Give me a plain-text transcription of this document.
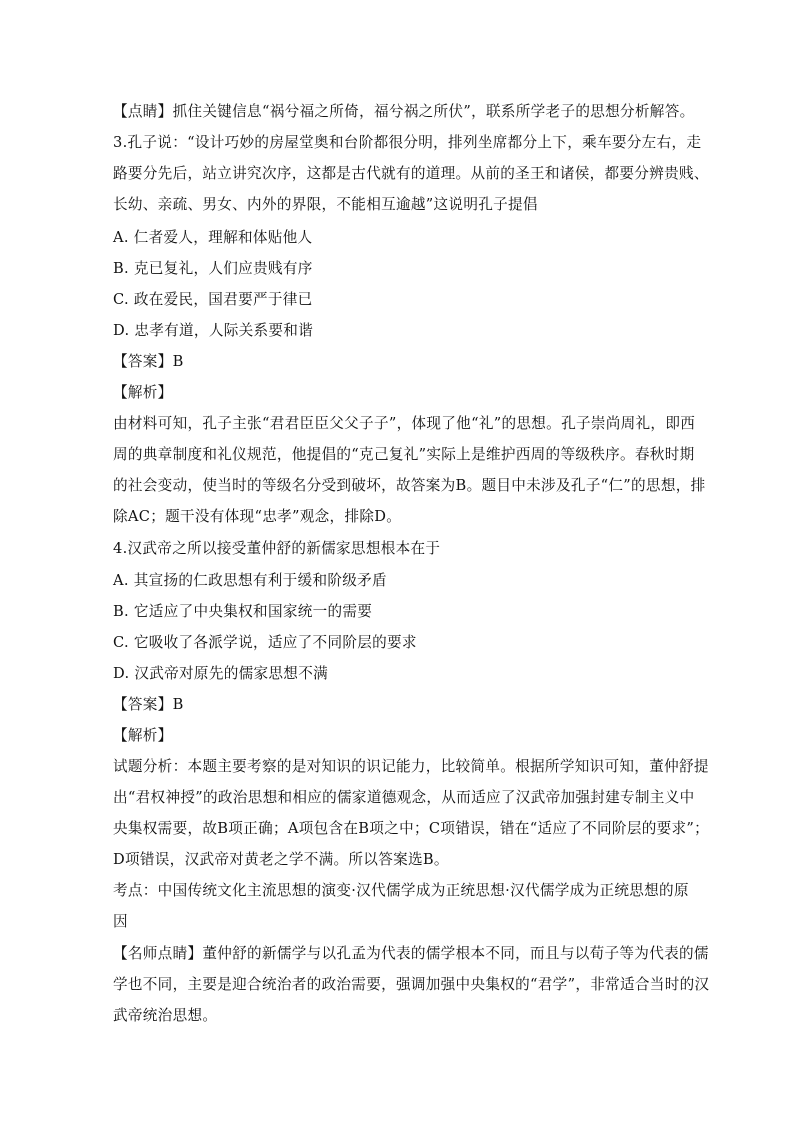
【点睛】抓住关键信息“祸兮福之所倚，福兮祸之所伏”，联系所学老子的思想分析解答。
3.孔子说：“设计巧妙的房屋堂奥和台阶都很分明，排列坐席都分上下，乘车要分左右，走
路要分先后，站立讲究次序，这都是古代就有的道理。从前的圣王和诸侯，都要分辨贵贱、
长幼、亲疏、男女、内外的界限，不能相互逾越”这说明孔子提倡
A. 仁者爱人，理解和体贴他人
B. 克已复礼，人们应贵贱有序
C. 政在爱民，国君要严于律已
D. 忠孝有道，人际关系要和谐
【答案】B
【解析】
由材料可知，孔子主张“君君臣臣父父子子”，体现了他“礼”的思想。孔子崇尚周礼，即西
周的典章制度和礼仪规范，他提倡的“克己复礼”实际上是维护西周的等级秩序。春秋时期
的社会变动，使当时的等级名分受到破坏，故答案为B。题目中未涉及孔子“仁”的思想，排
除AC；题干没有体现“忠孝”观念，排除D。
4.汉武帝之所以接受董仲舒的新儒家思想根本在于
A. 其宣扬的仁政思想有利于缓和阶级矛盾
B. 它适应了中央集权和国家统一的需要
C. 它吸收了各派学说，适应了不同阶层的要求
D. 汉武帝对原先的儒家思想不满
【答案】B
【解析】
试题分析：本题主要考察的是对知识的识记能力，比较简单。根据所学知识可知，董仲舒提
出“君权神授”的政治思想和相应的儒家道德观念，从而适应了汉武帝加强封建专制主义中
央集权需要，故B项正确；A项包含在B项之中；C项错误，错在“适应了不同阶层的要求”；
D项错误，汉武帝对黄老之学不满。所以答案选B。
考点：中国传统文化主流思想的演变·汉代儒学成为正统思想·汉代儒学成为正统思想的原
因
【名师点睛】董仲舒的新儒学与以孔孟为代表的儒学根本不同，而且与以荀子等为代表的儒
学也不同，主要是迎合统治者的政治需要，强调加强中央集权的“君学”，非常适合当时的汉
武帝统治思想。
